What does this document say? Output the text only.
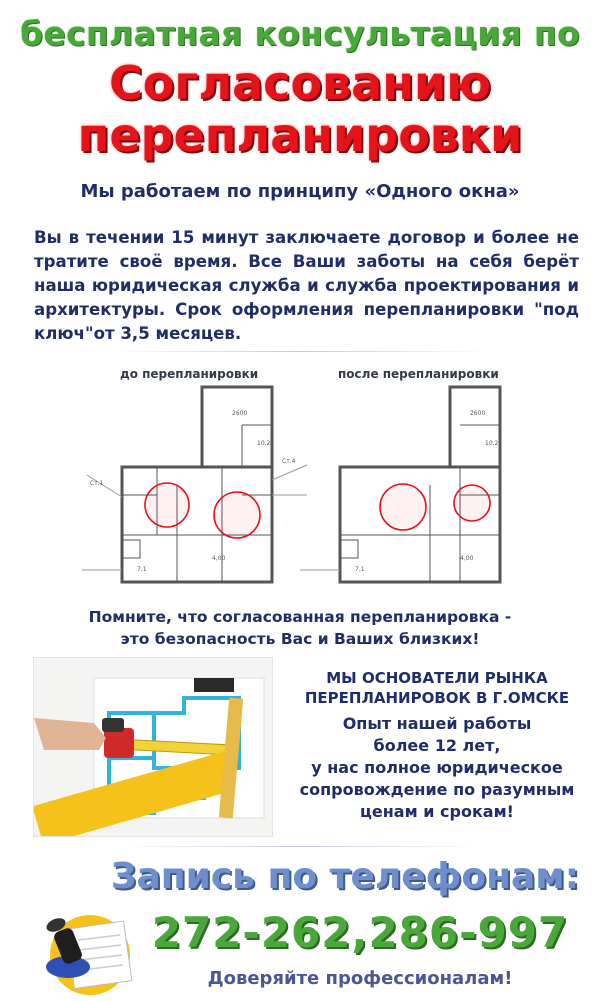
бесплатная консультация по
Согласованию
перепланировки
Мы работаем по принципу «Одного окна»
Вы в течении 15 минут заключаете договор и более не тратите своё время. Все Ваши заботы на себя берёт наша юридическая служба и служба проектирования и архитектуры. Срок оформления перепланировки "под ключ"от 3,5 месяцев.
до перепланировки	после перепланировки
2600
10,2
4,00
7,1
Ст.1
Ст.4
2600
10,2
4,00
7,1
Помните, что согласованная перепланировка -
это безопасность Вас и Ваших близких!
МЫ ОСНОВАТЕЛИ РЫНКА
ПЕРЕПЛАНИРОВОК В Г.ОМСКЕ
Опыт нашей работы
более 12 лет,
у нас полное юридическое
сопровождение по разумным
ценам и срокам!
Запись по телефонам:
272-262,286-997
Доверяйте профессионалам!
